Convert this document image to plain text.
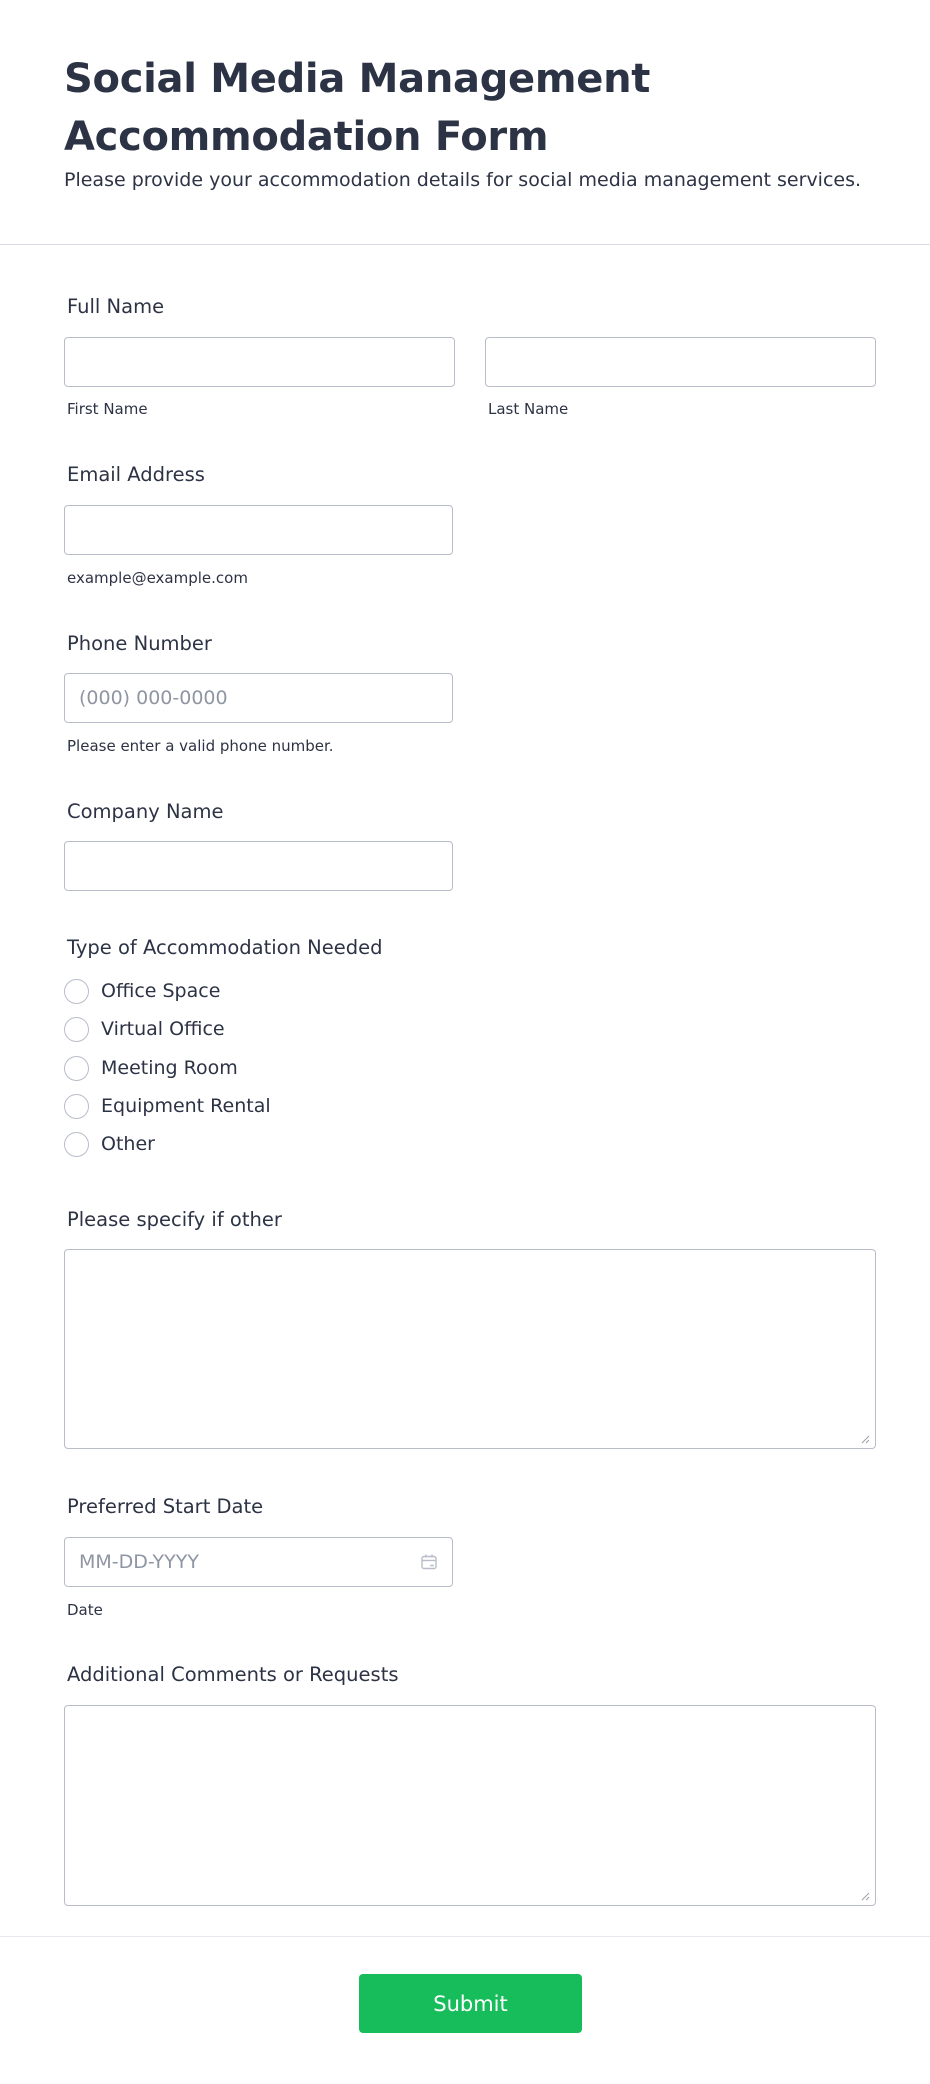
Social Media Management Accommodation Form

Please provide your accommodation details for social media management services.

Full Name
First Name	Last Name
Email Address
example@example.com
Phone Number
(000) 000-0000
Please enter a valid phone number.
Company Name
Type of Accommodation Needed
Office Space
Virtual Office
Meeting Room
Equipment Rental
Other
Please specify if other
Preferred Start Date
MM-DD-YYYY
Date
Additional Comments or Requests
Submit
